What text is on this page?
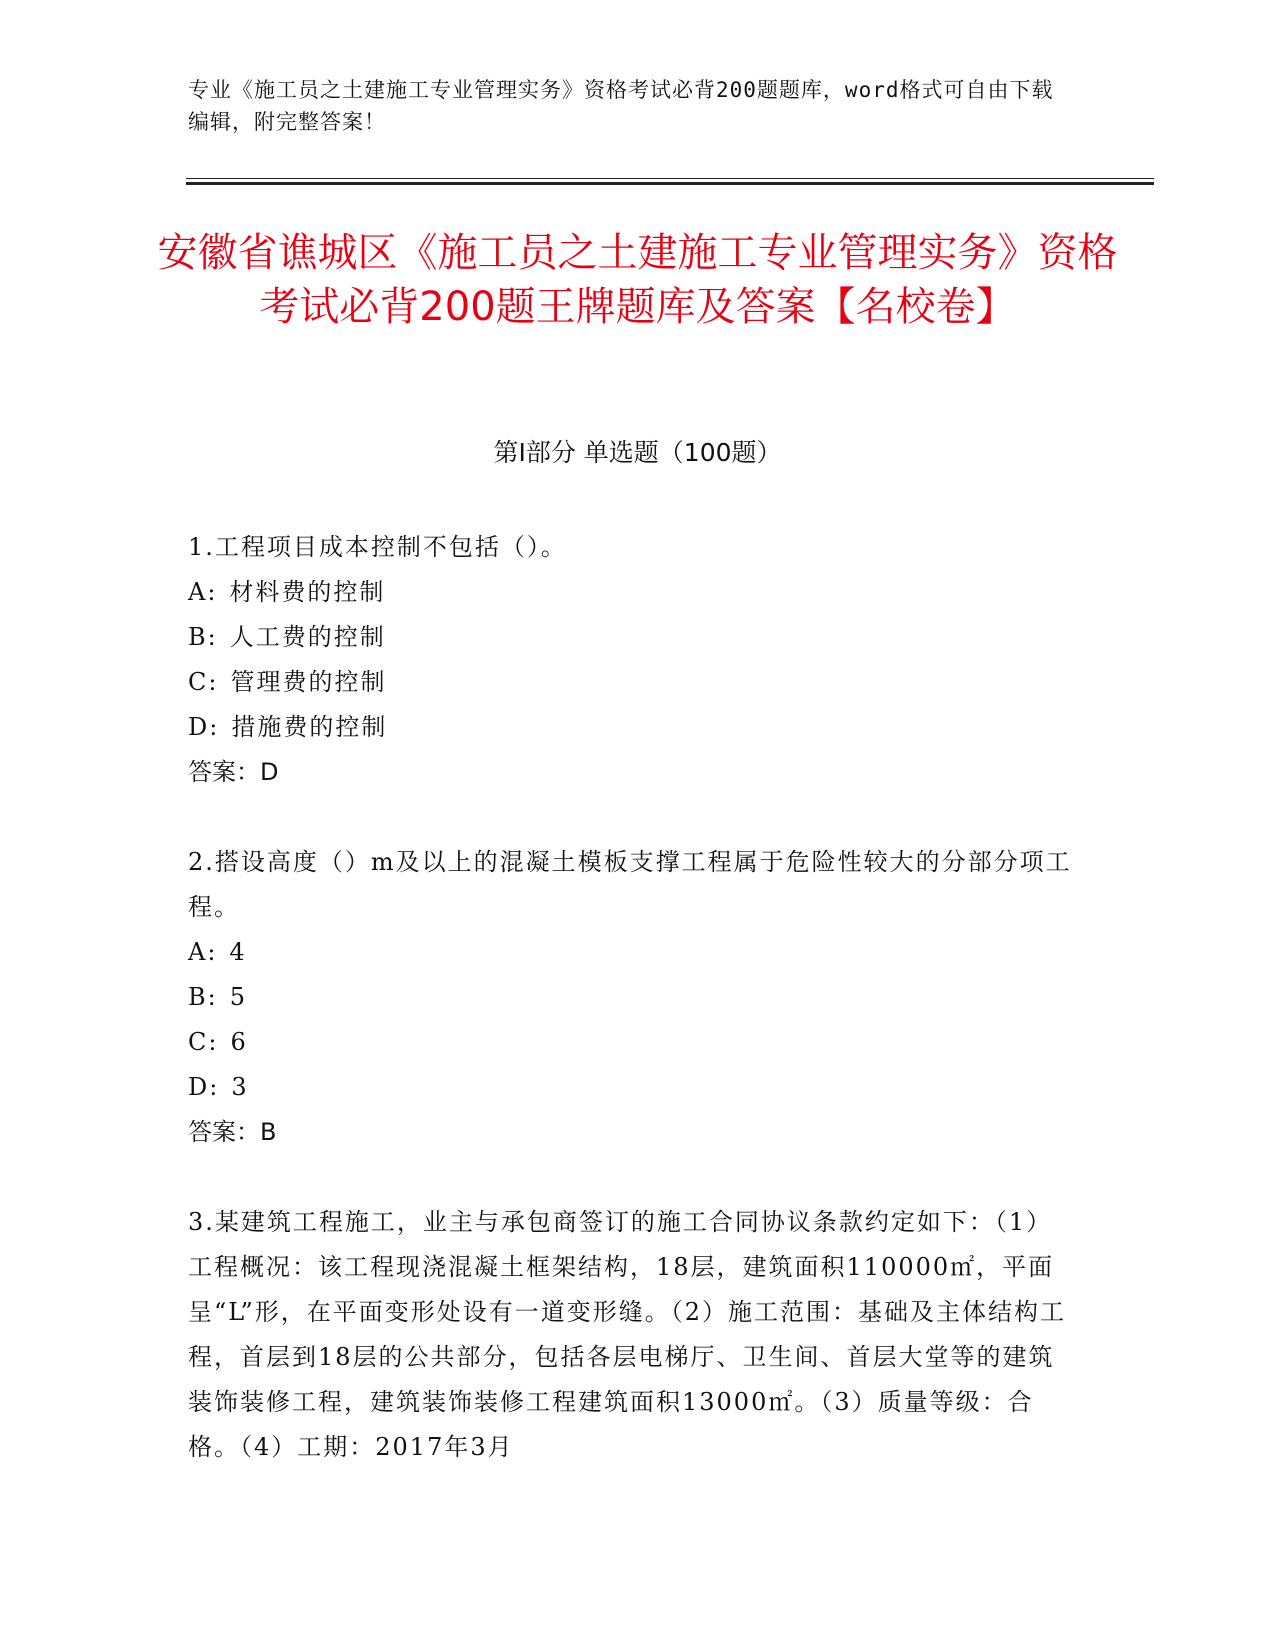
专业《施工员之土建施工专业管理实务》资格考试必背200题题库，word格式可自由下载编辑，附完整答案！
安徽省谯城区《施工员之土建施工专业管理实务》资格考试必背200题王牌题库及答案【名校卷】
第Ⅰ部分 单选题（100题）
1.工程项目成本控制不包括（）。
A: 材料费的控制
B: 人工费的控制
C: 管理费的控制
D: 措施费的控制
答案：D
2.搭设高度（）m及以上的混凝土模板支撑工程属于危险性较大的分部分项工程。
A: 4
B: 5
C: 6
D: 3
答案：B
3.某建筑工程施工，业主与承包商签订的施工合同协议条款约定如下：（1）工程概况：该工程现浇混凝土框架结构，18层，建筑面积110000㎡，平面呈“L”形，在平面变形处设有一道变形缝。（2）施工范围：基础及主体结构工程，首层到18层的公共部分，包括各层电梯厅、卫生间、首层大堂等的建筑装饰装修工程，建筑装饰装修工程建筑面积13000㎡。（3）质量等级：合格。（4）工期：2017年3月
